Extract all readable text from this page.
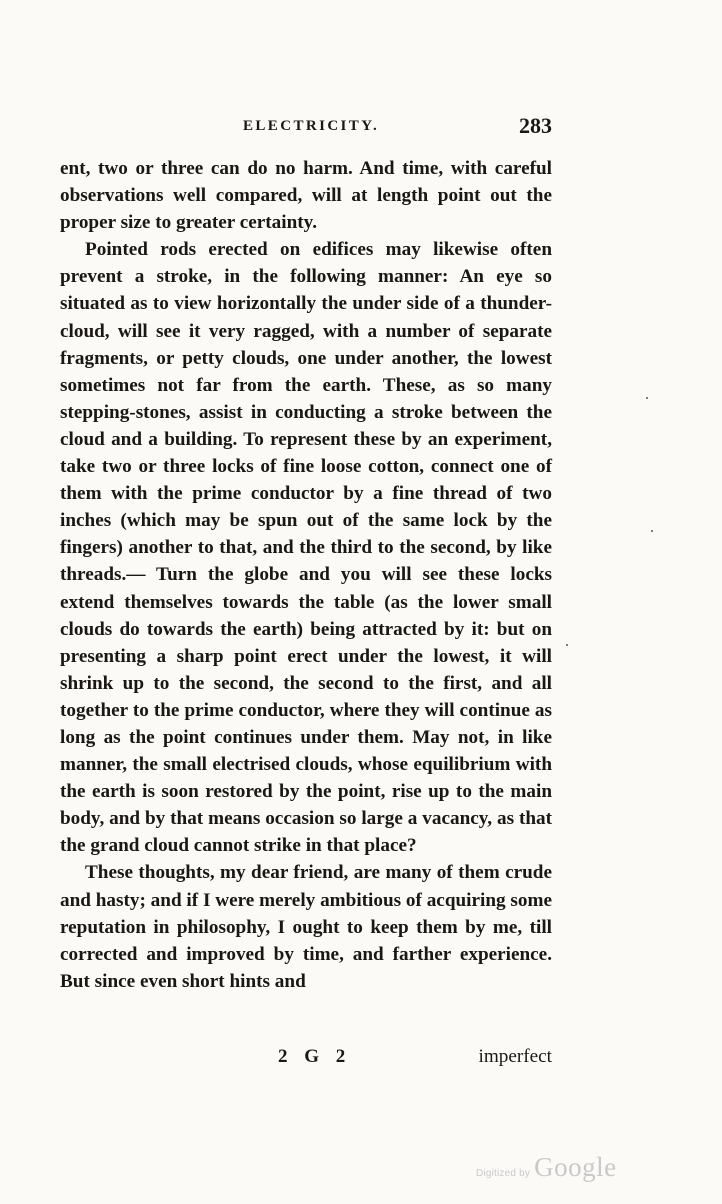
ELECTRICITY.	283

ent, two or three can do no harm. And time, with careful observations well compared, will at length point out the proper size to greater certainty.

Pointed rods erected on edifices may likewise often prevent a stroke, in the following manner: An eye so situated as to view horizontally the under side of a thunder-cloud, will see it very ragged, with a number of separate fragments, or petty clouds, one under another, the lowest sometimes not far from the earth. These, as so many stepping-stones, assist in conducting a stroke between the cloud and a building. To represent these by an experiment, take two or three locks of fine loose cotton, connect one of them with the prime conductor by a fine thread of two inches (which may be spun out of the same lock by the fingers) another to that, and the third to the second, by like threads.— Turn the globe and you will see these locks extend themselves towards the table (as the lower small clouds do towards the earth) being attracted by it: but on presenting a sharp point erect under the lowest, it will shrink up to the second, the second to the first, and all together to the prime conductor, where they will continue as long as the point continues under them. May not, in like manner, the small electrised clouds, whose equilibrium with the earth is soon restored by the point, rise up to the main body, and by that means occasion so large a vacancy, as that the grand cloud cannot strike in that place?

These thoughts, my dear friend, are many of them crude and hasty; and if I were merely ambitious of acquiring some reputation in philosophy, I ought to keep them by me, till corrected and improved by time, and farther experience. But since even short hints and

2 G 2	imperfect
Digitized by Google
